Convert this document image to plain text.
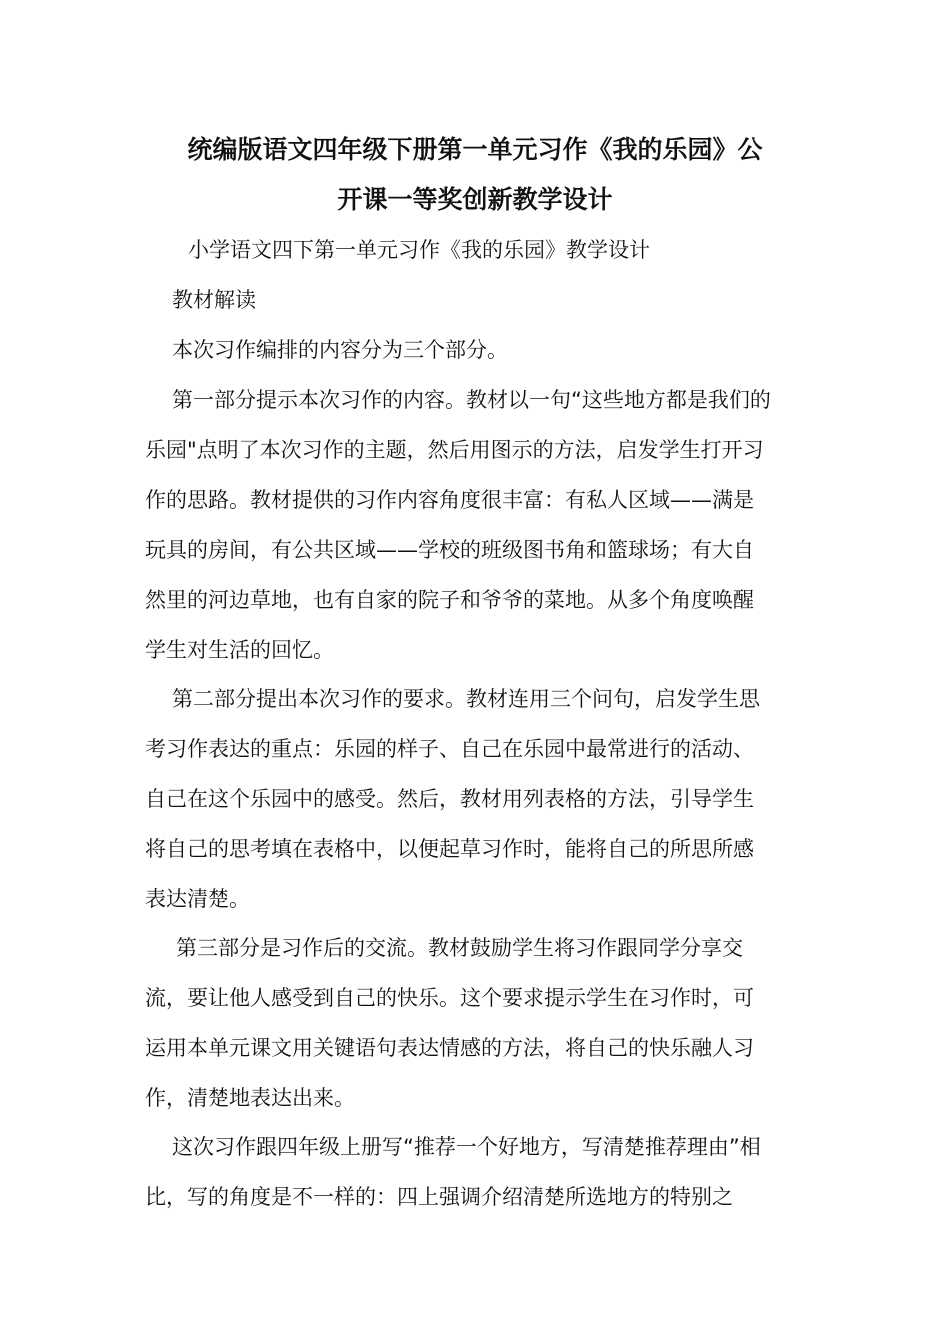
统编版语文四年级下册第一单元习作《我的乐园》公
开课一等奖创新教学设计
小学语文四下第一单元习作《我的乐园》教学设计
教材解读
本次习作编排的内容分为三个部分。
第一部分提示本次习作的内容。教材以一句“这些地方都是我们的
乐园"点明了本次习作的主题，然后用图示的方法，启发学生打开习
作的思路。教材提供的习作内容角度很丰富：有私人区域——满是
玩具的房间，有公共区域——学校的班级图书角和篮球场；有大自
然里的河边草地，也有自家的院子和爷爷的菜地。从多个角度唤醒
学生对生活的回忆。
第二部分提出本次习作的要求。教材连用三个问句，启发学生思
考习作表达的重点：乐园的样子、自己在乐园中最常进行的活动、
自己在这个乐园中的感受。然后，教材用列表格的方法，引导学生
将自己的思考填在表格中，以便起草习作时，能将自己的所思所感
表达清楚。
第三部分是习作后的交流。教材鼓励学生将习作跟同学分享交
流，要让他人感受到自己的快乐。这个要求提示学生在习作时，可
运用本单元课文用关键语句表达情感的方法，将自己的快乐融人习
作，清楚地表达出来。
这次习作跟四年级上册写“推荐一个好地方，写清楚推荐理由”相
比，写的角度是不一样的：四上强调介绍清楚所选地方的特别之
